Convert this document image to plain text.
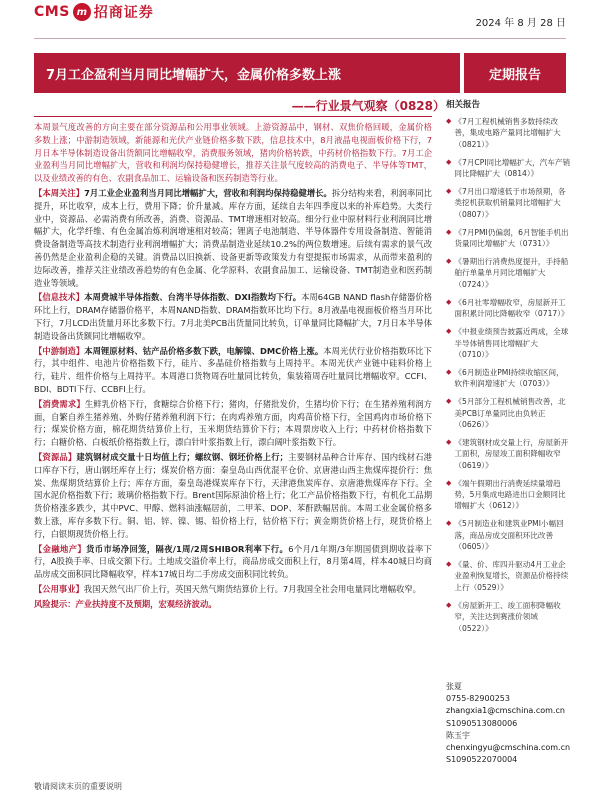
CMS m 招商证券
2024 年 8 月 28 日
7月工企盈利当月同比增幅扩大，金属价格多数上涨	定期报告
——行业景气观察（0828）

本周景气度改善的方向主要在部分资源品和公用事业领域。上游资源品中，钢材、双焦价格回暖，金属价格多数上涨；中游制造领域，新能源和光伏产业链价格多数下跌，信息技术中，8月液晶电视面板价格下行，7月日本半导体制造设备出货额同比增幅收窄，消费服务领域，猪肉价格转跌，中药材价格指数下行。7月工企业盈利当月同比增幅扩大，营收和利润均保持稳健增长，推荐关注景气度较高的消费电子、半导体等TMT，以及业绩改善的有色、农副食品加工、运输设备和医药制造等行业。

【本周关注】7月工业企业盈利当月同比增幅扩大，营收和利润均保持稳健增长。拆分结构来看，利润率同比提升，环比收窄，成本上行，费用下降；价升量减。库存方面，延续自去年四季度以来的补库趋势。大类行业中，资源品、必需消费有所改善，消费、资源品、TMT增速相对较高。细分行业中原材料行业利润同比增幅扩大，化学纤维、有色金属冶炼利润增速相对较高；锂离子电池制造、半导体器件专用设备制造、智能消费设备制造等高技术制造行业利润增幅扩大；消费品制造业延续10.2%的两位数增速。后续有需求的景气改善仍然是企业盈利企稳的关键。消费品以旧换新、设备更新等政策发力有望提振市场需求，从而带来盈利的边际改善，推荐关注业绩改善趋势的有色金属、化学原料、农副食品加工、运输设备、TMT制造业和医药制造业等领域。

【信息技术】本周费城半导体指数、台湾半导体指数、DXI指数均下行。本周64GB NAND flash存储器价格环比上行，DRAM存储器价格平，本周NAND指数、DRAM指数环比均下行。8月液晶电视面板价格当月环比下行，7月LCD出货量月环比多数下行。7月北美PCB出货量同比转负，订单量同比降幅扩大，7月日本半导体制造设备出货额同比增幅收窄。

【中游制造】本周锂原材料、钴产品价格多数下跌，电解镍、DMC价格上涨。本周光伏行业价格指数环比下行，其中组件、电池片价格指数下行，硅片、多晶硅价格指数与上周持平。本周光伏产业链中硅料价格上行，硅片、组件价格与上周持平。本周港口货物周吞吐量同比转负，集装箱周吞吐量同比增幅收窄。CCFI、BDI、BDTI下行、CCBFI上行。

【消费需求】生鲜乳价格下行，食糖综合价格下行；猪肉，仔猪批发价，生猪均价下行；在生猪养殖利润方面，自繁自养生猪养殖、外购仔猪养殖利润下行；在肉鸡养殖方面，肉鸡苗价格下行，全国鸡肉市场价格下行；煤炭价格方面，棉花期货结算价上行，玉米期货结算价下行；本周票房收入上行；中药材价格指数下行；白糖价格、白板纸价格指数上行，漂白针叶浆指数上行，漂白阔叶浆指数下行。

【资源品】建筑钢材成交量十日均值上行；螺纹钢、钢坯价格上行；主要钢材品种合计库存、国内线材石港口库存下行，唐山钢坯库存上行；煤炭价格方面：秦皇岛山西优混平仓价、京唐港山西主焦煤库提价行：焦炭、焦煤期货结算价上行；库存方面，秦皇岛港煤炭库存下行，天津港焦炭库存、京唐港焦煤库存下行。全国水泥价格指数下行；玻璃价格指数下行。Brent国际原油价格上行；化工产品价格指数下行，有机化工品期货价格涨多跌少，其中PVC、甲醇、燃料油涨幅居前，二甲苯、DOP、苯酐跌幅居前。本周工业金属价格多数上涨，库存多数下行。铜、铝、锌、镍、锡、铅价格上行，钴价格下行；黄金期货价格上行，现货价格上行，白银期现货价格上行。

【金融地产】货币市场净回笼，隔夜/1周/2周SHIBOR利率下行。6个月/1年期/3年期国债到期收益率下行，A股换手率、日成交额下行。土地成交溢价率上行，商品房成交面积上行，8月第4周，样本40城日均商品房成交面积同比降幅收窄，样本17城日均二手房成交面积同比转负。

【公用事业】我国天然气出厂价上行，英国天然气期货结算价上行。7月我国全社会用电量同比增幅收窄。

风险提示：产业扶持度不及预期，宏观经济波动。

敬请阅读末页的重要说明
相关报告
◆ 《7月工程机械销售多数持续改善，集成电路产量同比增幅扩大（0821）》
◆ 《7月CPI同比增幅扩大，汽车产销同比降幅扩大（0814）》
◆ 《7月出口增速低于市场预期，各类挖机获取机销量同比增幅扩大（0807）》
◆ 《7月PMI仍偏弱，6月智能手机出货量同比增幅扩大（0731）》
◆ 《暑期出行消费热度提升，手持船舶行单量单月同比增幅扩大（0724）》
◆ 《6月社零增幅收窄，房屋新开工面积累计同比降幅收窄（0717）》
◆ 《中报业绩预告披露近两成，全球半导体销售同比增幅扩大（0710）》
◆ 《6月制造业PMI持续收缩区间，软件利润增速扩大（0703）》
◆ 《5月部分工程机械销售改善，北美PCB订单量同比由负转正（0626）》
◆ 《建筑钢材成交量上行，房屋新开工面积，房屋竣工面积降幅收窄（0619）》
◆ 《端午假期出行消费延续量增趋势，5月集成电路进出口金额同比增幅扩大（0612）》
◆ 《5月制造业和建筑业PMI小幅回落，商品房成交面积环比改善（0605）》
◆ 《量、价、库四升驱动4月工业企业盈利恢复增长，资源品价格持续上行（0529）》
◆ 《房屋新开工、竣工面积降幅收窄，关注达到赛涨价领域（0522）》
张夏
0755-82900253
zhangxia1@cmschina.com.cn
S1090513080006
陈玉宇
chenxingyu@cmschina.com.cn
S1090522070004
